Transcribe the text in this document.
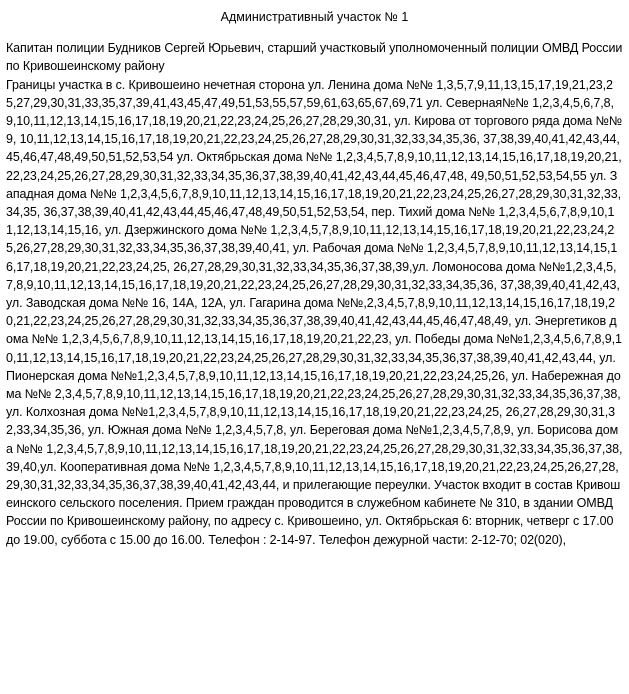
Административный участок № 1

Капитан полиции Будников Сергей Юрьевич, старший участковый уполномоченный полиции ОМВД России по Кривошеинскому району
Границы участка в с. Кривошеино нечетная сторона ул. Ленина дома №№ 1,3,5,7,9,11,13,15,17,19,21,23,25,27,29,30,31,33,35,37,39,41,43,45,47,49,51,53,55,57,59,61,63,65,67,69,71 ул. Северная№№ 1,2,3,4,5,6,7,8,9,10,11,12,13,14,15,16,17,18,19,20,21,22,23,24,25,26,27,28,29,30,31, ул. Кирова от торгового ряда дома №№ 9, 10,11,12,13,14,15,16,17,18,19,20,21,22,23,24,25,26,27,28,29,30,31,32,33,34,35,36, 37,38,39,40,41,42,43,44,45,46,47,48,49,50,51,52,53,54 ул. Октябрьская дома №№ 1,2,3,4,5,7,8,9,10,11,12,13,14,15,16,17,18,19,20,21,22,23,24,25,26,27,28,29,30,31,32,33,34,35,36,37,38,39,40,41,42,43,44,45,46,47,48, 49,50,51,52,53,54,55 ул. Западная дома №№ 1,2,3,4,5,6,7,8,9,10,11,12,13,14,15,16,17,18,19,20,21,22,23,24,25,26,27,28,29,30,31,32,33,34,35, 36,37,38,39,40,41,42,43,44,45,46,47,48,49,50,51,52,53,54, пер. Тихий дома №№ 1,2,3,4,5,6,7,8,9,10,11,12,13,14,15,16, ул. Дзержинского дома №№ 1,2,3,4,5,7,8,9,10,11,12,13,14,15,16,17,18,19,20,21,22,23,24,25,26,27,28,29,30,31,32,33,34,35,36,37,38,39,40,41, ул. Рабочая дома №№ 1,2,3,4,5,7,8,9,10,11,12,13,14,15,16,17,18,19,20,21,22,23,24,25, 26,27,28,29,30,31,32,33,34,35,36,37,38,39,ул. Ломоносова дома №№1,2,3,4,5,7,8,9,10,11,12,13,14,15,16,17,18,19,20,21,22,23,24,25,26,27,28,29,30,31,32,33,34,35,36, 37,38,39,40,41,42,43, ул. Заводская дома №№ 16, 14А, 12А, ул. Гагарина дома №№,2,3,4,5,7,8,9,10,11,12,13,14,15,16,17,18,19,20,21,22,23,24,25,26,27,28,29,30,31,32,33,34,35,36,37,38,39,40,41,42,43,44,45,46,47,48,49, ул. Энергетиков дома №№ 1,2,3,4,5,6,7,8,9,10,11,12,13,14,15,16,17,18,19,20,21,22,23, ул. Победы дома №№1,2,3,4,5,6,7,8,9,10,11,12,13,14,15,16,17,18,19,20,21,22,23,24,25,26,27,28,29,30,31,32,33,34,35,36,37,38,39,40,41,42,43,44, ул. Пионерская дома №№1,2,3,4,5,7,8,9,10,11,12,13,14,15,16,17,18,19,20,21,22,23,24,25,26, ул. Набережная дома №№ 2,3,4,5,7,8,9,10,11,12,13,14,15,16,17,18,19,20,21,22,23,24,25,26,27,28,29,30,31,32,33,34,35,36,37,38, ул. Колхозная дома №№1,2,3,4,5,7,8,9,10,11,12,13,14,15,16,17,18,19,20,21,22,23,24,25, 26,27,28,29,30,31,32,33,34,35,36, ул. Южная дома №№ 1,2,3,4,5,7,8, ул. Береговая дома №№1,2,3,4,5,7,8,9, ул. Борисова дома №№ 1,2,3,4,5,7,8,9,10,11,12,13,14,15,16,17,18,19,20,21,22,23,24,25,26,27,28,29,30,31,32,33,34,35,36,37,38,39,40,ул. Кооперативная дома №№ 1,2,3,4,5,7,8,9,10,11,12,13,14,15,16,17,18,19,20,21,22,23,24,25,26,27,28,29,30,31,32,33,34,35,36,37,38,39,40,41,42,43,44, и прилегающие переулки. Участок входит в состав Кривошеинского сельского поселения. Прием граждан проводится в служебном кабинете № 310, в здании ОМВД России по Кривошеинскому району, по адресу с. Кривошеино, ул. Октябрьская 6: вторник, четверг с 17.00 до 19.00, суббота с 15.00 до 16.00. Телефон : 2-14-97. Телефон дежурной части: 2-12-70; 02(020),
